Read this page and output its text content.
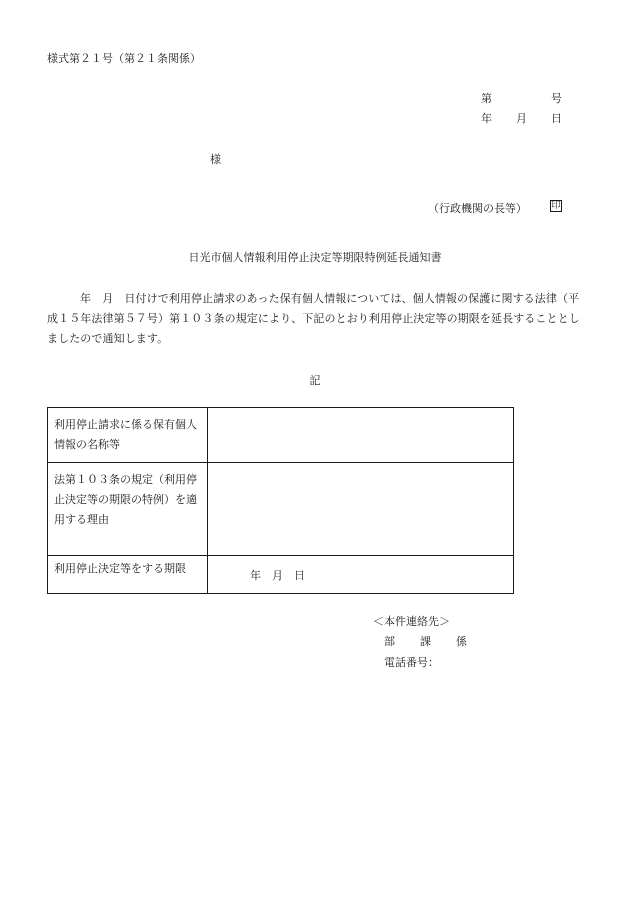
様式第２１号（第２１条関係）
第	号
年 月 日
様
（行政機関の長等）	印
日光市個人情報利用停止決定等期限特例延長通知書
年　月　日付けで利用停止請求のあった保有個人情報については、個人情報の保護に関する法律（平成１５年法律第５７号）第１０３条の規定により、下記のとおり利用停止決定等の期限を延長することとしましたので通知します。
記
利用停止請求に係る保有個人情報の名称等	
法第１０３条の規定（利用停止決定等の期限の特例）を適用する理由	
利用停止決定等をする期限	年　月　日
＜本件連絡先＞
部 課 係
電話番号：
